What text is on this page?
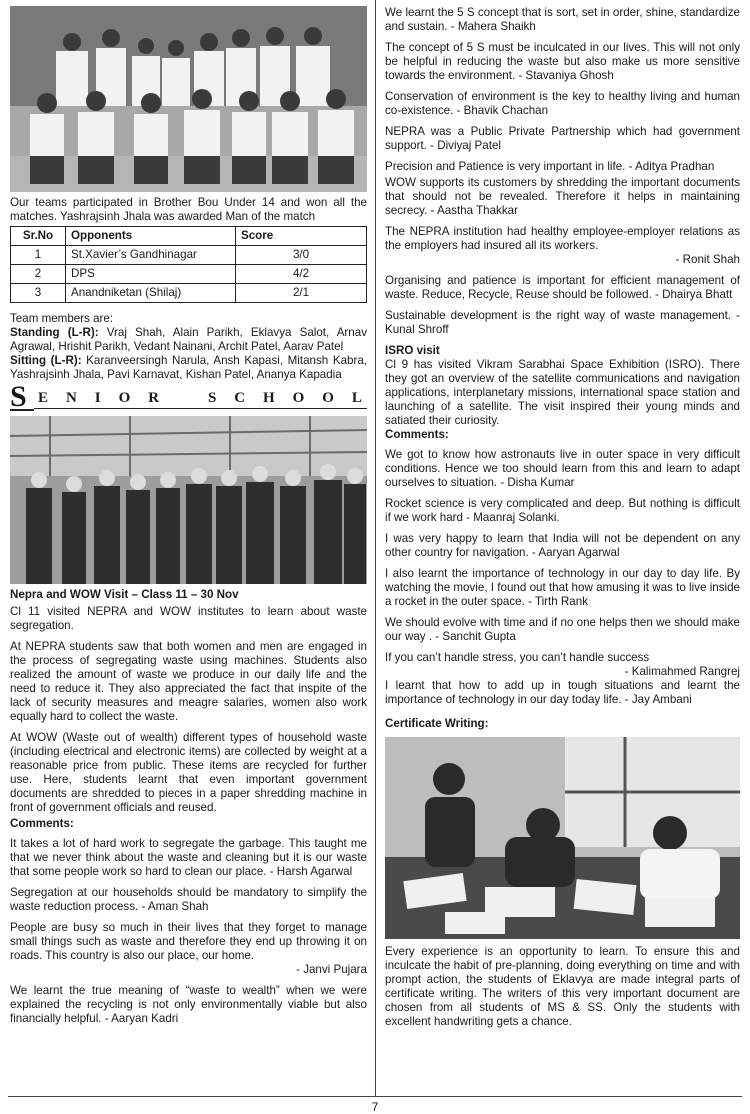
Our teams participated in Brother Bou Under 14 and won all the matches. Yashrajsinh Jhala was awarded Man of the match

Sr.No	Opponents	Score
1	St.Xavier’s Gandhinagar	3/0
2	DPS	4/2
3	Anandniketan (Shilaj)	2/1

Team members are:

Standing (L-R): Vraj Shah, Alain Parikh, Eklavya Salot, Arnav Agrawal, Hrishit Parikh, Vedant Nainani, Archit Patel, Aarav Patel

Sitting (L-R): Karanveersingh Narula, Ansh Kapasi, Mitansh Kabra, Yashrajsinh Jhala, Pavi Karnavat, Kishan Patel, Ananya Kapadia

S E N I O R	S C H O O L

Nepra and WOW Visit – Class 11 – 30 Nov

Cl 11 visited NEPRA and WOW institutes to learn about waste segregation.

At NEPRA students saw that both women and men are engaged in the process of segregating waste using machines. Students also realized the amount of waste we produce in our daily life and the need to reduce it. They also appreciated the fact that inspite of the lack of security measures and meagre salaries, women also work equally hard to collect the waste.

At WOW (Waste out of wealth) different types of household waste (including electrical and electronic items) are collected by weight at a reasonable price from public. These items are recycled for further use. Here, students learnt that even important government documents are shredded to pieces in a paper shredding machine in front of government officials and reused.

Comments:

It takes a lot of hard work to segregate the garbage. This taught me that we never think about the waste and cleaning but it is our waste that some people work so hard to clean our place. - Harsh Agarwal

Segregation at our households should be mandatory to simplify the waste reduction process. - Aman Shah

People are busy so much in their lives that they forget to manage small things such as waste and therefore they end up throwing it on roads. This country is also our place, our home.

- Janvi Pujara

We learnt the true meaning of “waste to wealth” when we were explained the recycling is not only environmentally viable but also financially helpful. - Aaryan Kadri

We learnt the 5 S concept that is sort, set in order, shine, standardize and sustain. - Mahera Shaikh

The concept of 5 S must be inculcated in our lives. This will not only be helpful in reducing the waste but also make us more sensitive towards the environment. - Stavaniya Ghosh

Conservation of environment is the key to healthy living and human co-existence. - Bhavik Chachan

NEPRA was a Public Private Partnership which had government support. - Diviyaj Patel

Precision and Patience is very important in life. - Aditya Pradhan

WOW supports its customers by shredding the important documents that should not be revealed. Therefore it helps in maintaining secrecy. - Aastha Thakkar

The NEPRA institution had healthy employee-employer relations as the employers had insured all its workers.

- Ronit Shah

Organising and patience is important for efficient management of waste. Reduce, Recycle, Reuse should be followed. - Dhairya Bhatt

Sustainable development is the right way of waste management. - Kunal Shroff

ISRO visit

Cl 9 has visited Vikram Sarabhai Space Exhibition (ISRO). There they got an overview of the satellite communications and navigation applications, interplanetary missions, international space station and launching of a satellite. The visit inspired their young minds and satiated their curiosity.

Comments:

We got to know how astronauts live in outer space in very difficult conditions. Hence we too should learn from this and learn to adapt ourselves to situation. - Disha Kumar

Rocket science is very complicated and deep. But nothing is difficult if we work hard - Maanraj Solanki.

I was very happy to learn that India will not be dependent on any other country for navigation. - Aaryan Agarwal

I also learnt the importance of technology in our day to day life. By watching the movie, I found out that how amusing it was to live inside a rocket in the outer space. - Tirth Rank

We should evolve with time and if no one helps then we should make our way . - Sanchit Gupta

If you can’t handle stress, you can’t handle success

- Kalimahmed Rangrej

I learnt that how to add up in tough situations and learnt the importance of technology in our day today life. - Jay Ambani

Certificate Writing:

Every experience is an opportunity to learn. To ensure this and inculcate the habit of pre-planning, doing everything on time and with prompt action, the students of Eklavya are made integral parts of certificate writing. The writers of this very important document are chosen from all students of MS & SS. Only the students with excellent handwriting gets a chance.

7
